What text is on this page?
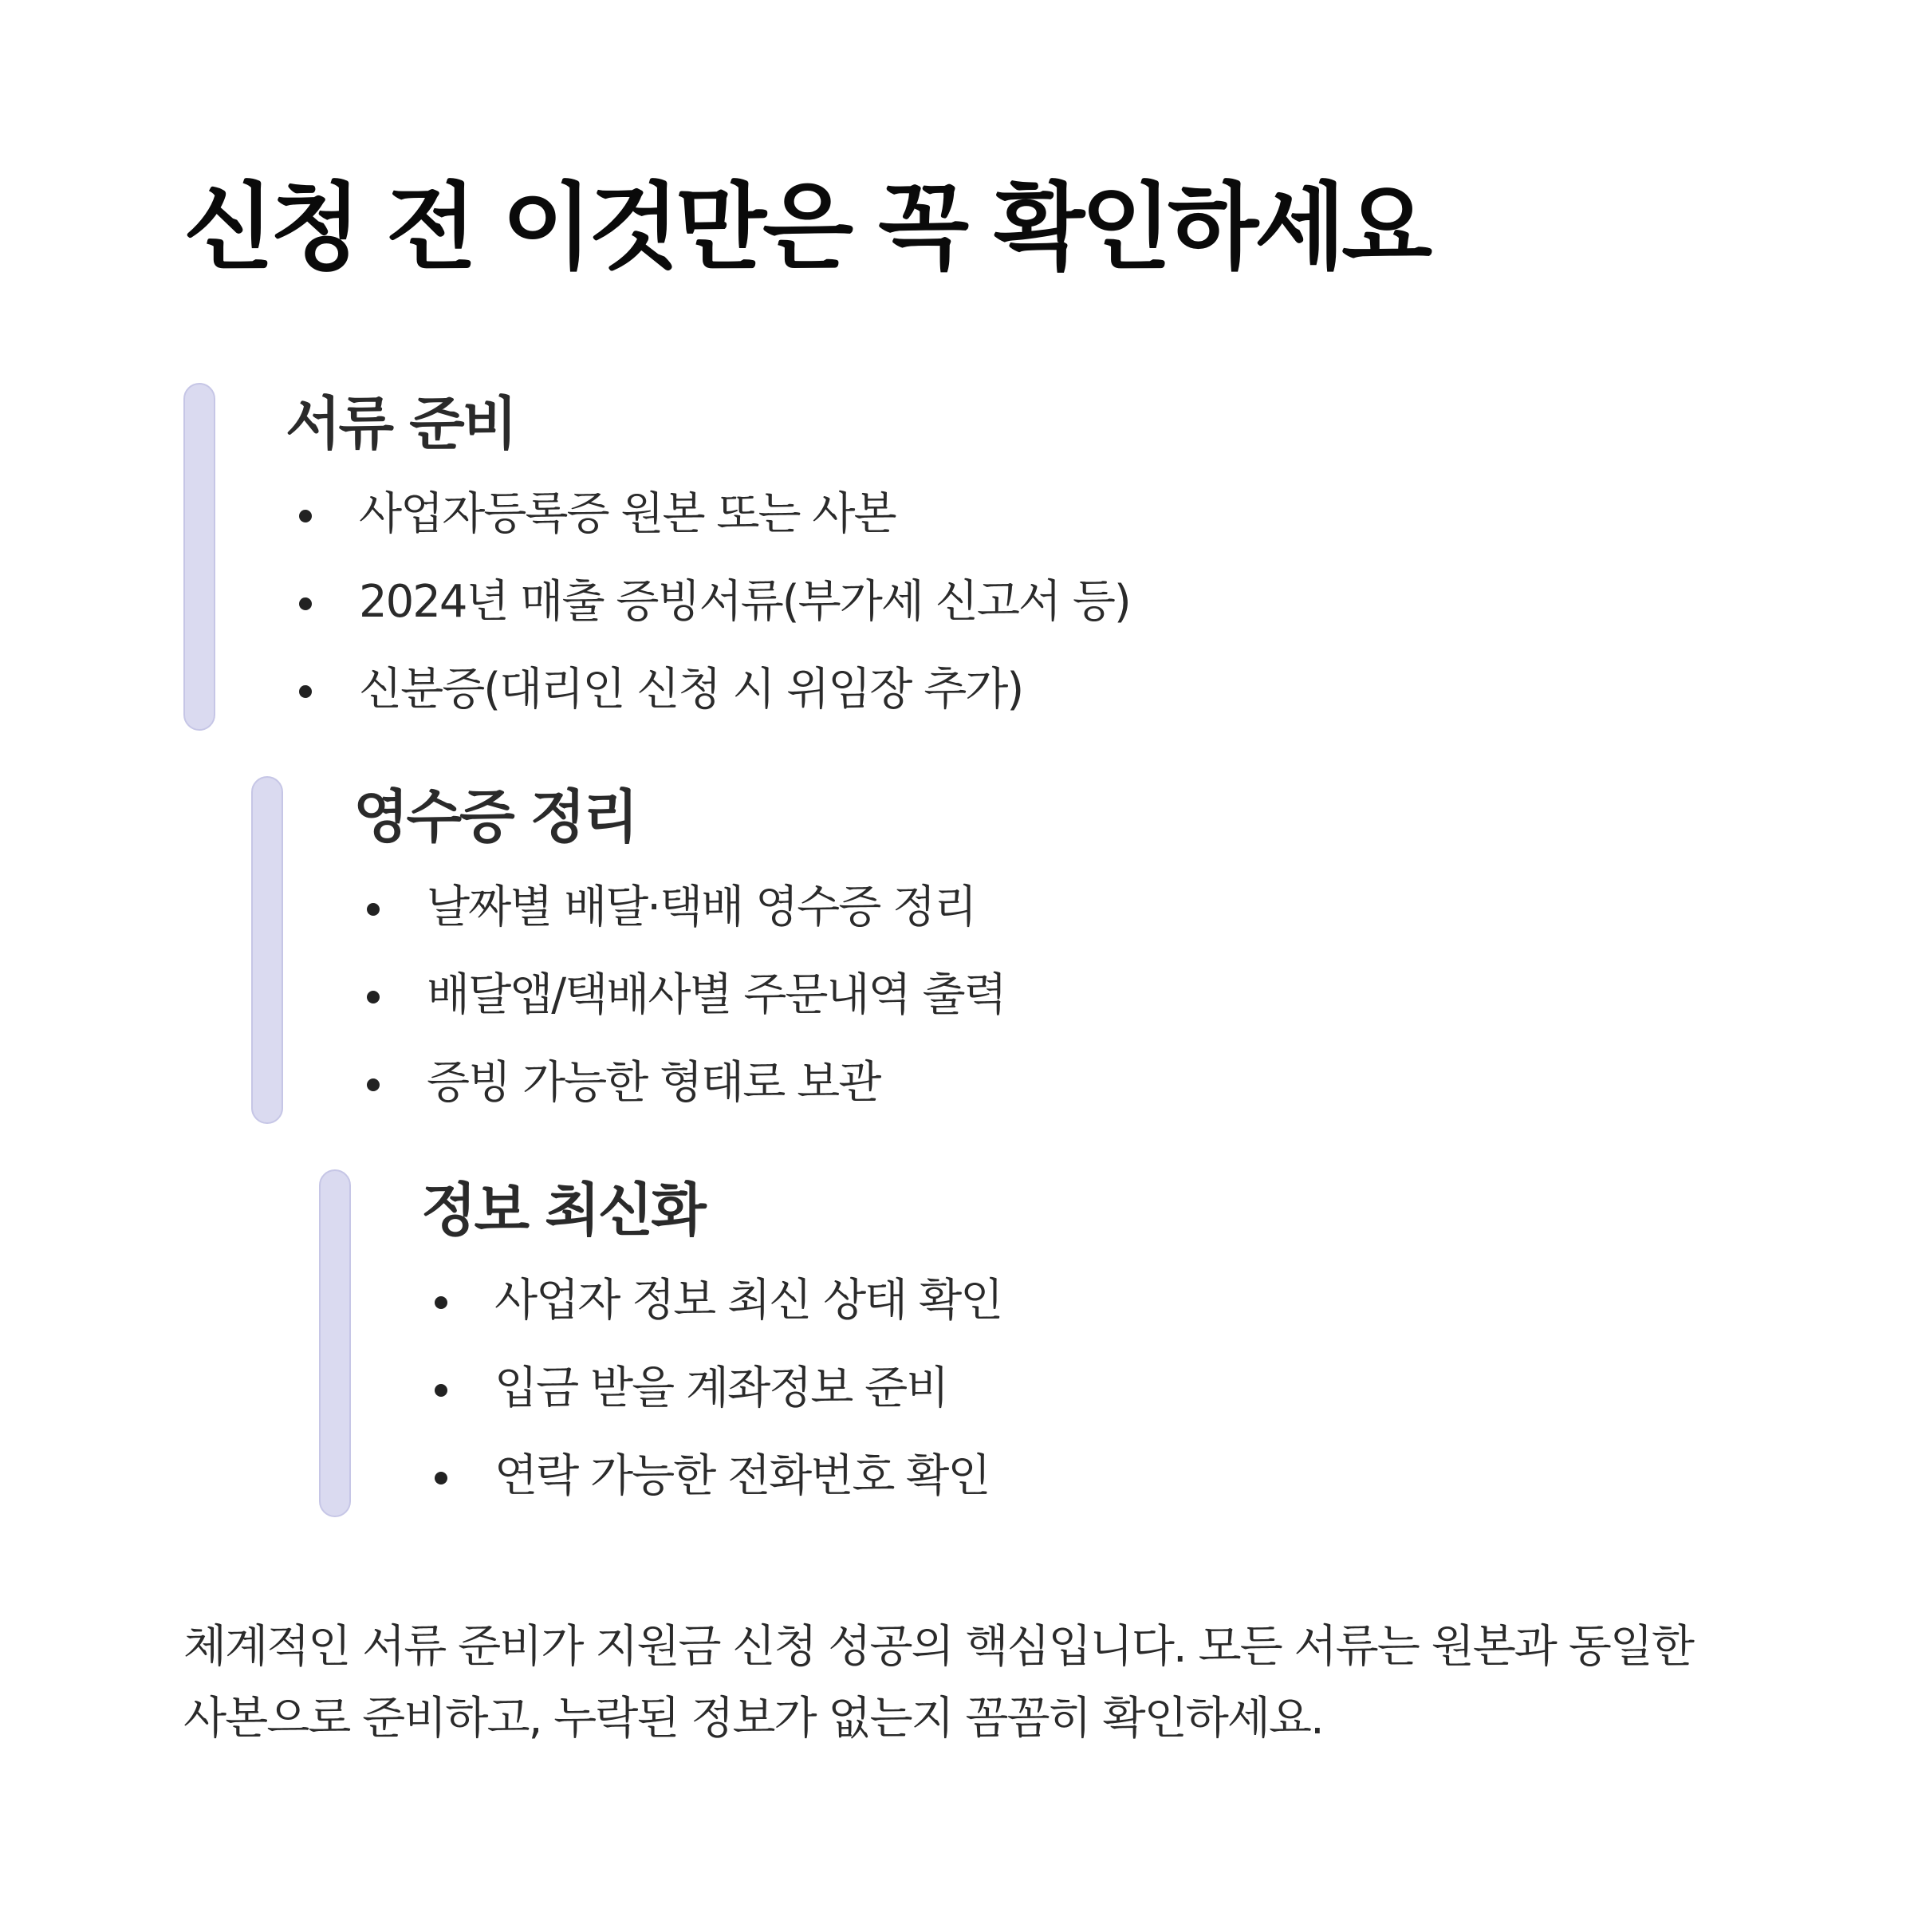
신청 전 이것만은 꼭 확인하세요
서류 준비
사업자등록증 원본 또는 사본
2024년 매출 증빙서류(부가세 신고서 등)
신분증(대리인 신청 시 위임장 추가)
영수증 정리
날짜별 배달·택배 영수증 정리
배달앱/택배사별 주문내역 출력
증빙 가능한 형태로 보관
정보 최신화
사업자 정보 최신 상태 확인
입금 받을 계좌정보 준비
연락 가능한 전화번호 확인

체계적인 서류 준비가 지원금 신청 성공의 핵심입니다. 모든 서류는 원본과 동일한 사본으로 준비하고, 누락된 정보가 없는지 꼼꼼히 확인하세요.
